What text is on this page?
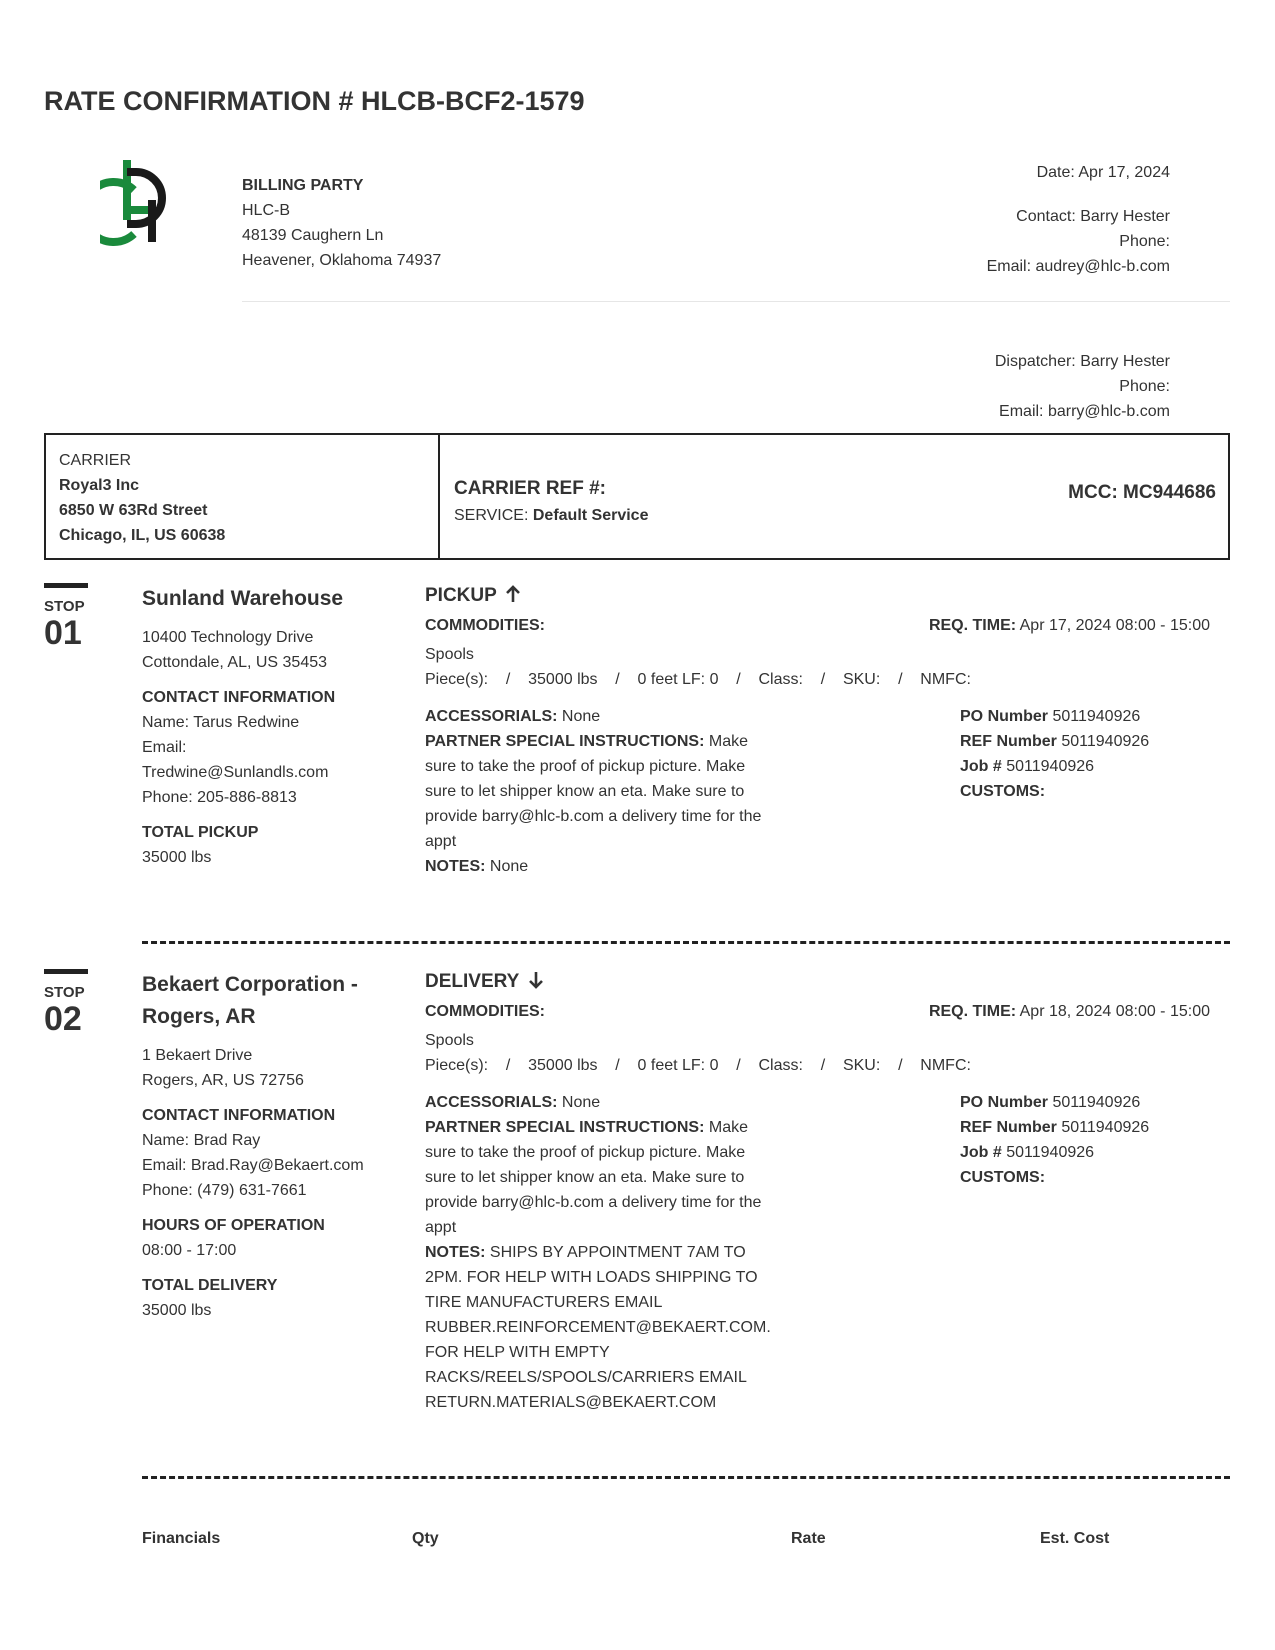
RATE CONFIRMATION # HLCB-BCF2-1579
BILLING PARTY
HLC-B
48139 Caughern Ln
Heavener, Oklahoma 74937
Date: Apr 17, 2024
Contact: Barry Hester
Phone:
Email: audrey@hlc-b.com
Dispatcher: Barry Hester
Phone:
Email: barry@hlc-b.com
CARRIER
Royal3 Inc
6850 W 63Rd Street
Chicago, IL, US 60638
CARRIER REF #:
SERVICE: Default Service
MCC: MC944686
STOP
01
Sunland Warehouse
10400 Technology Drive
Cottondale, AL, US 35453
CONTACT INFORMATION
Name: Tarus Redwine
Email:
Tredwine@Sunlandls.com
Phone: 205-886-8813
TOTAL PICKUP
35000 lbs
PICKUP
COMMODITIES:	REQ. TIME: Apr 17, 2024 08:00 - 15:00
Spools
Piece(s):    /    35000 lbs    /    0 feet LF: 0    /    Class:    /    SKU:    /    NMFC:
ACCESSORIALS: None
PARTNER SPECIAL INSTRUCTIONS: Make
sure to take the proof of pickup picture. Make
sure to let shipper know an eta. Make sure to
provide barry@hlc-b.com a delivery time for the
appt
NOTES: None
PO Number 5011940926
REF Number 5011940926
Job # 5011940926
CUSTOMS:
STOP
02
Bekaert Corporation -
Rogers, AR
1 Bekaert Drive
Rogers, AR, US 72756
CONTACT INFORMATION
Name: Brad Ray
Email: Brad.Ray@Bekaert.com
Phone: (479) 631-7661
HOURS OF OPERATION
08:00 - 17:00
TOTAL DELIVERY
35000 lbs
DELIVERY
COMMODITIES:	REQ. TIME: Apr 18, 2024 08:00 - 15:00
Spools
Piece(s):    /    35000 lbs    /    0 feet LF: 0    /    Class:    /    SKU:    /    NMFC:
ACCESSORIALS: None
PARTNER SPECIAL INSTRUCTIONS: Make
sure to take the proof of pickup picture. Make
sure to let shipper know an eta. Make sure to
provide barry@hlc-b.com a delivery time for the
appt
NOTES: SHIPS BY APPOINTMENT 7AM TO
2PM. FOR HELP WITH LOADS SHIPPING TO
TIRE MANUFACTURERS EMAIL
RUBBER.REINFORCEMENT@BEKAERT.COM.
FOR HELP WITH EMPTY
RACKS/REELS/SPOOLS/CARRIERS EMAIL
RETURN.MATERIALS@BEKAERT.COM
PO Number 5011940926
REF Number 5011940926
Job # 5011940926
CUSTOMS:
Financials	Qty	Rate	Est. Cost
